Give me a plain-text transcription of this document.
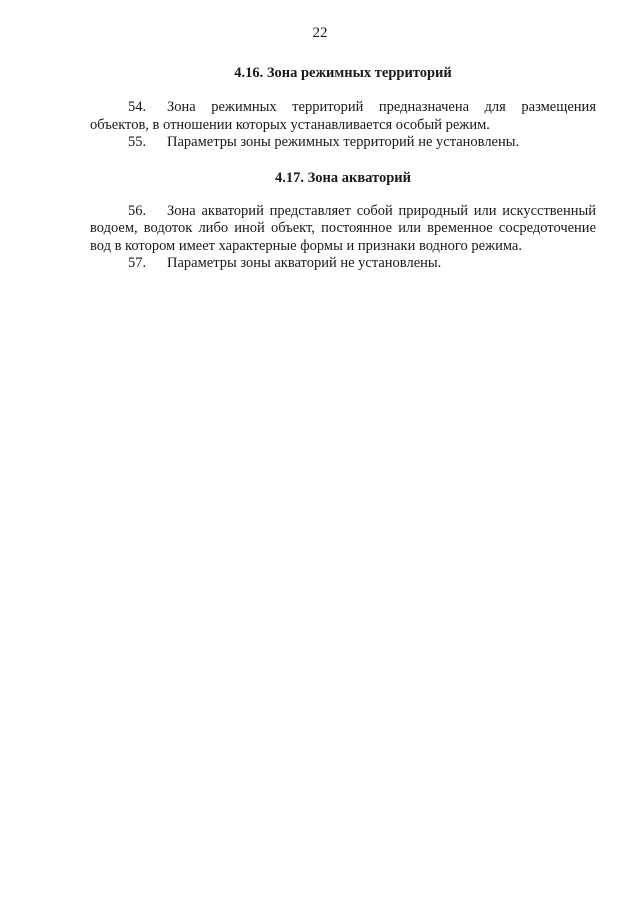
22
4.16. Зона режимных территорий

54. Зона режимных территорий предназначена для размещения объектов, в отношении которых устанавливается особый режим.

55. Параметры зоны режимных территорий не установлены.

4.17. Зона акваторий

56. Зона акваторий представляет собой природный или искусственный водоем, водоток либо иной объект, постоянное или временное сосредоточение вод в котором имеет характерные формы и признаки водного режима.

57. Параметры зоны акваторий не установлены.
